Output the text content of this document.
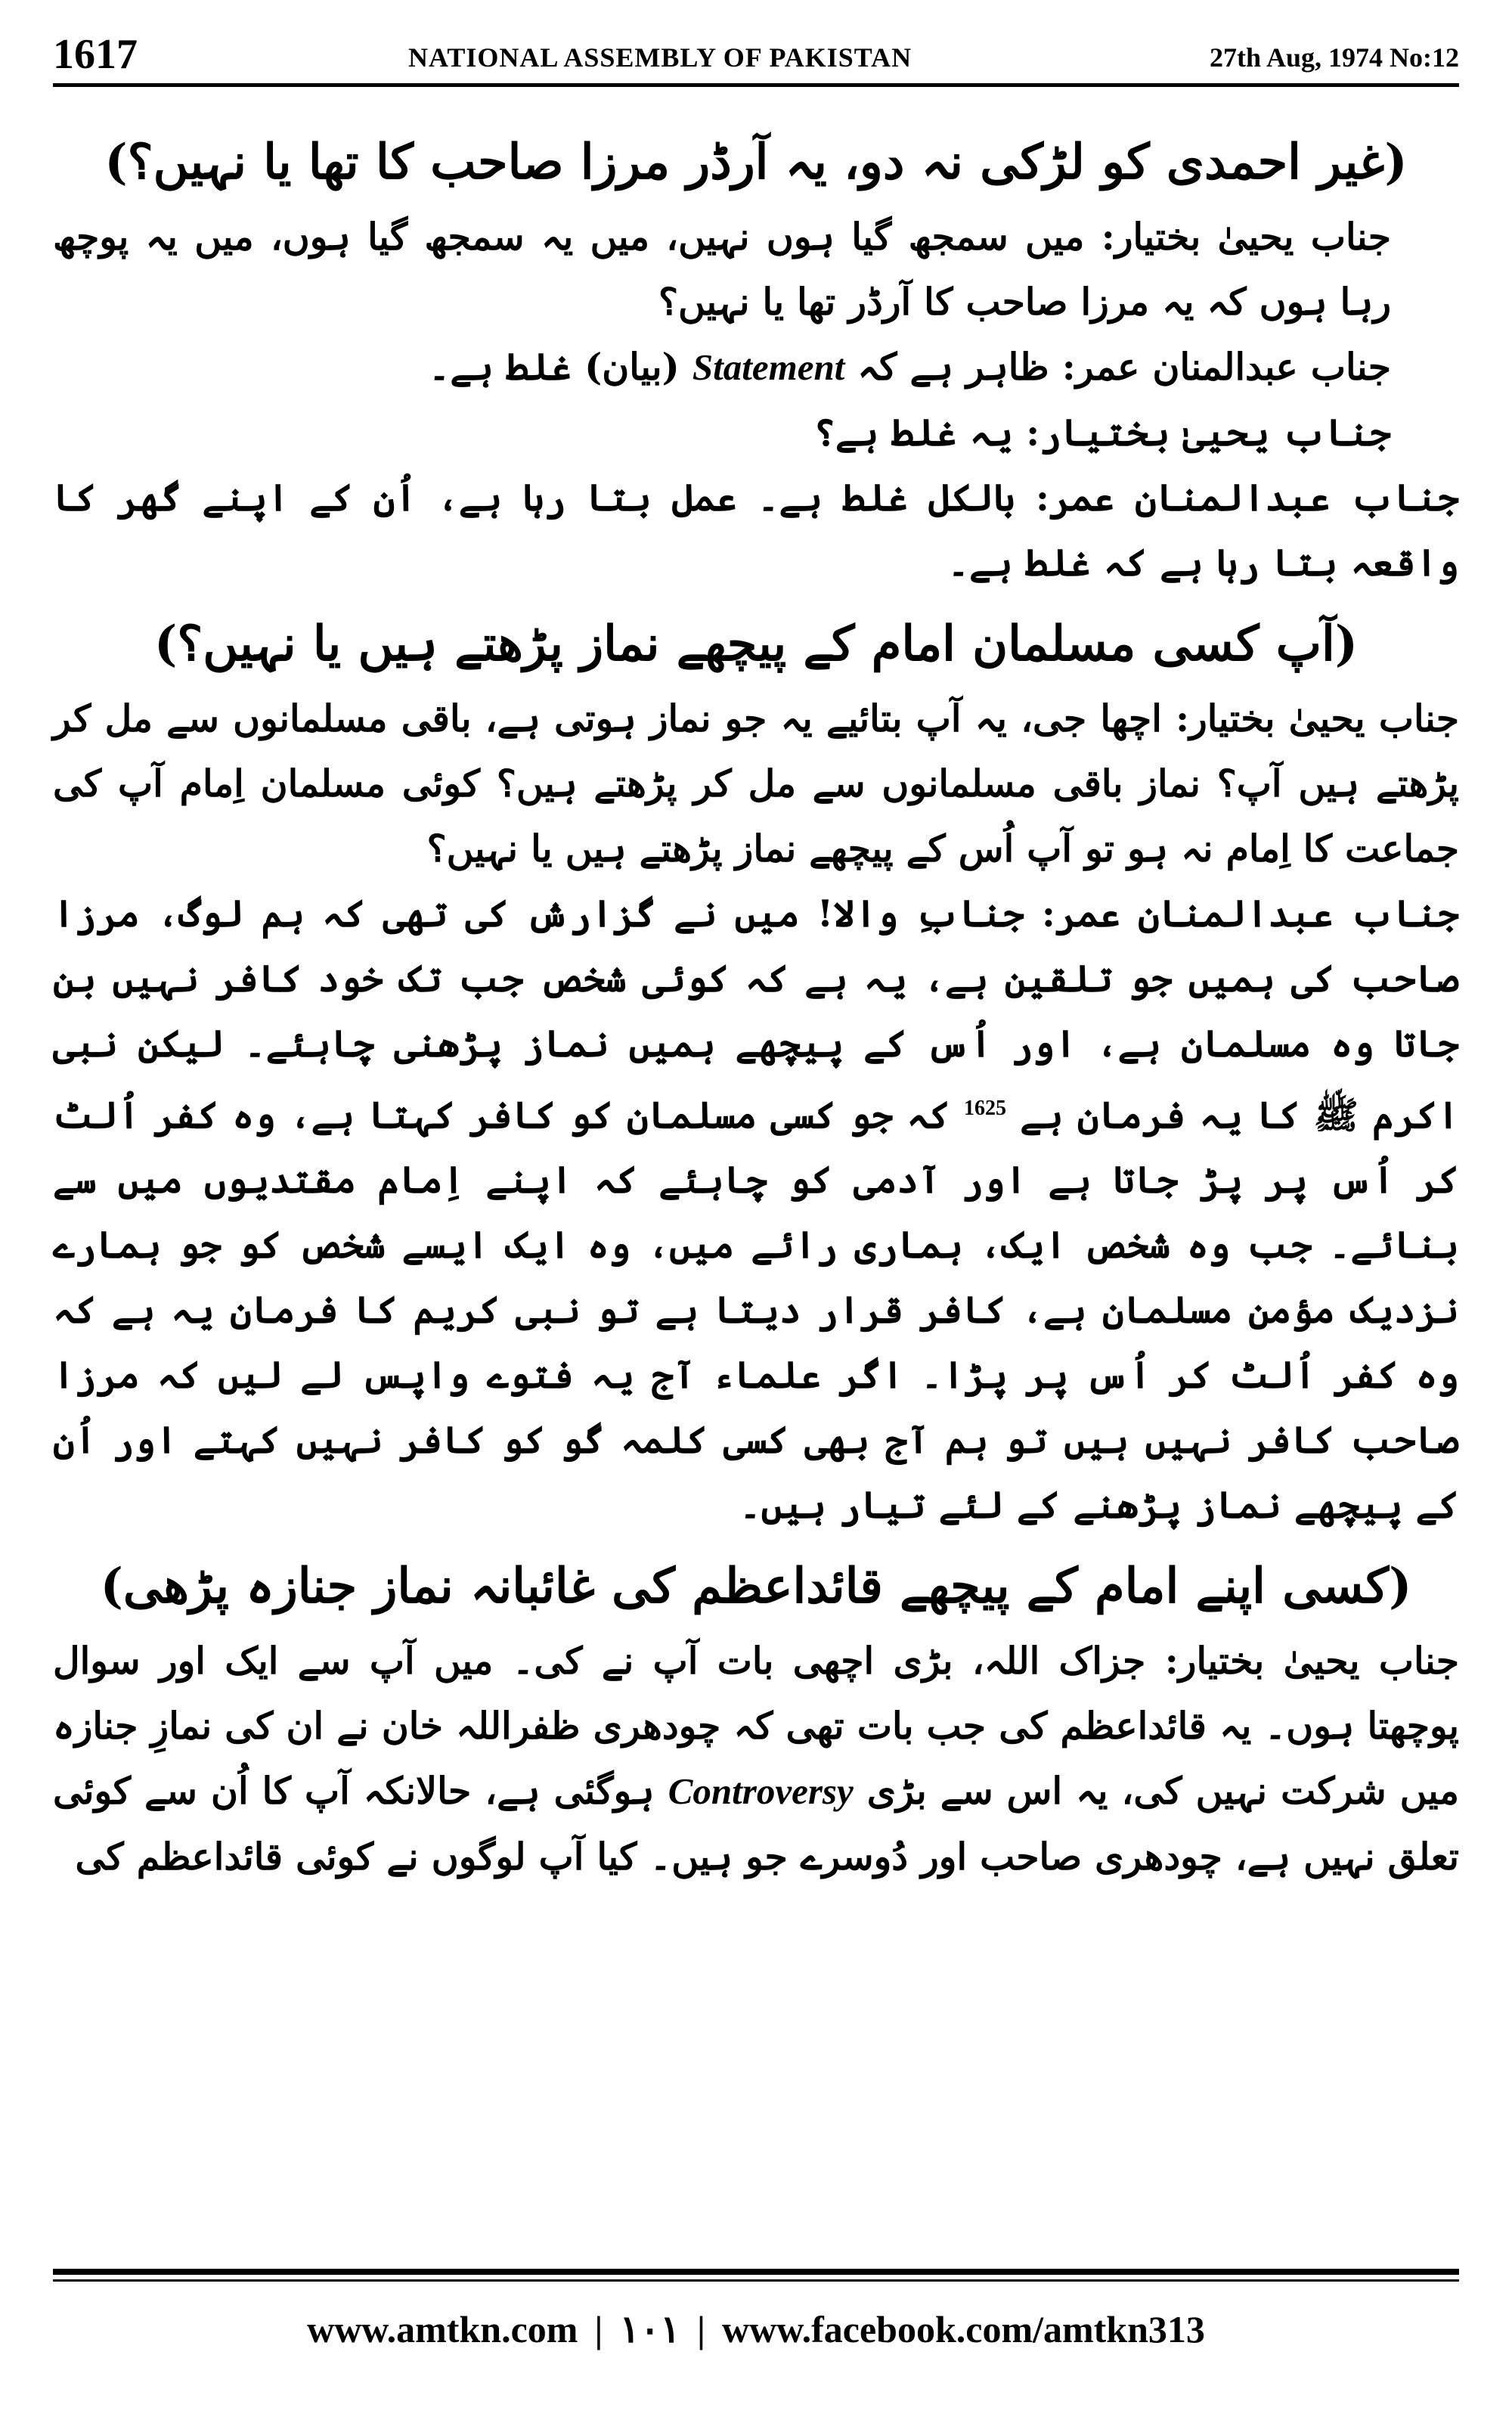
1617	NATIONAL ASSEMBLY OF PAKISTAN	27th Aug, 1974 No:12
(غیر احمدی کو لڑکی نہ دو، یہ آرڈر مرزا صاحب کا تھا یا نہیں؟)

جناب یحییٰ بختیار: میں سمجھ گیا ہوں نہیں، میں یہ سمجھ گیا ہوں، میں یہ پوچھ رہا ہوں کہ یہ مرزا صاحب کا آرڈر تھا یا نہیں؟

جناب عبدالمنان عمر: ظاہر ہے کہ Statement (بیان) غلط ہے۔

جناب یحییٰ بختیار: یہ غلط ہے؟

جناب عبدالمنان عمر: بالکل غلط ہے۔ عمل بتا رہا ہے، اُن کے اپنے گھر کا واقعہ بتا رہا ہے کہ غلط ہے۔

(آپ کسی مسلمان امام کے پیچھے نماز پڑھتے ہیں یا نہیں؟)

جناب یحییٰ بختیار: اچھا جی، یہ آپ بتائیے یہ جو نماز ہوتی ہے، باقی مسلمانوں سے مل کر پڑھتے ہیں آپ؟ نماز باقی مسلمانوں سے مل کر پڑھتے ہیں؟ کوئی مسلمان اِمام آپ کی جماعت کا اِمام نہ ہو تو آپ اُس کے پیچھے نماز پڑھتے ہیں یا نہیں؟

جناب عبدالمنان عمر: جنابِ والا! میں نے گزارش کی تھی کہ ہم لوگ، مرزا صاحب کی ہمیں جو تلقین ہے، یہ ہے کہ کوئی شخص جب تک خود کافر نہیں بن جاتا وہ مسلمان ہے، اور اُس کے پیچھے ہمیں نماز پڑھنی چاہئے۔ لیکن نبی اکرم ﷺ کا یہ فرمان ہے $^{1625}$ کہ جو کسی مسلمان کو کافر کہتا ہے، وہ کفر اُلٹ کر اُس پر پڑ جاتا ہے اور آدمی کو چاہئے کہ اپنے اِمام مقتدیوں میں سے بنائے۔ جب وہ شخص ایک، ہماری رائے میں، وہ ایک ایسے شخص کو جو ہمارے نزدیک مؤمن مسلمان ہے، کافر قرار دیتا ہے تو نبی کریم کا فرمان یہ ہے کہ وہ کفر اُلٹ کر اُس پر پڑا۔ اگر علماء آج یہ فتوے واپس لے لیں کہ مرزا صاحب کافر نہیں ہیں تو ہم آج بھی کسی کلمہ گو کو کافر نہیں کہتے اور اُن کے پیچھے نماز پڑھنے کے لئے تیار ہیں۔

(کسی اپنے امام کے پیچھے قائداعظم کی غائبانہ نماز جنازہ پڑھی)

جناب یحییٰ بختیار: جزاک اللہ، بڑی اچھی بات آپ نے کی۔ میں آپ سے ایک اور سوال پوچھتا ہوں۔ یہ قائداعظم کی جب بات تھی کہ چودھری ظفراللہ خان نے ان کی نمازِ جنازہ میں شرکت نہیں کی، یہ اس سے بڑی Controversy ہوگئی ہے، حالانکہ آپ کا اُن سے کوئی تعلق نہیں ہے، چودھری صاحب اور دُوسرے جو ہیں۔ کیا آپ لوگوں نے کوئی قائداعظم کی

www.amtkn.com | ۱۰۱ | www.facebook.com/amtkn313
